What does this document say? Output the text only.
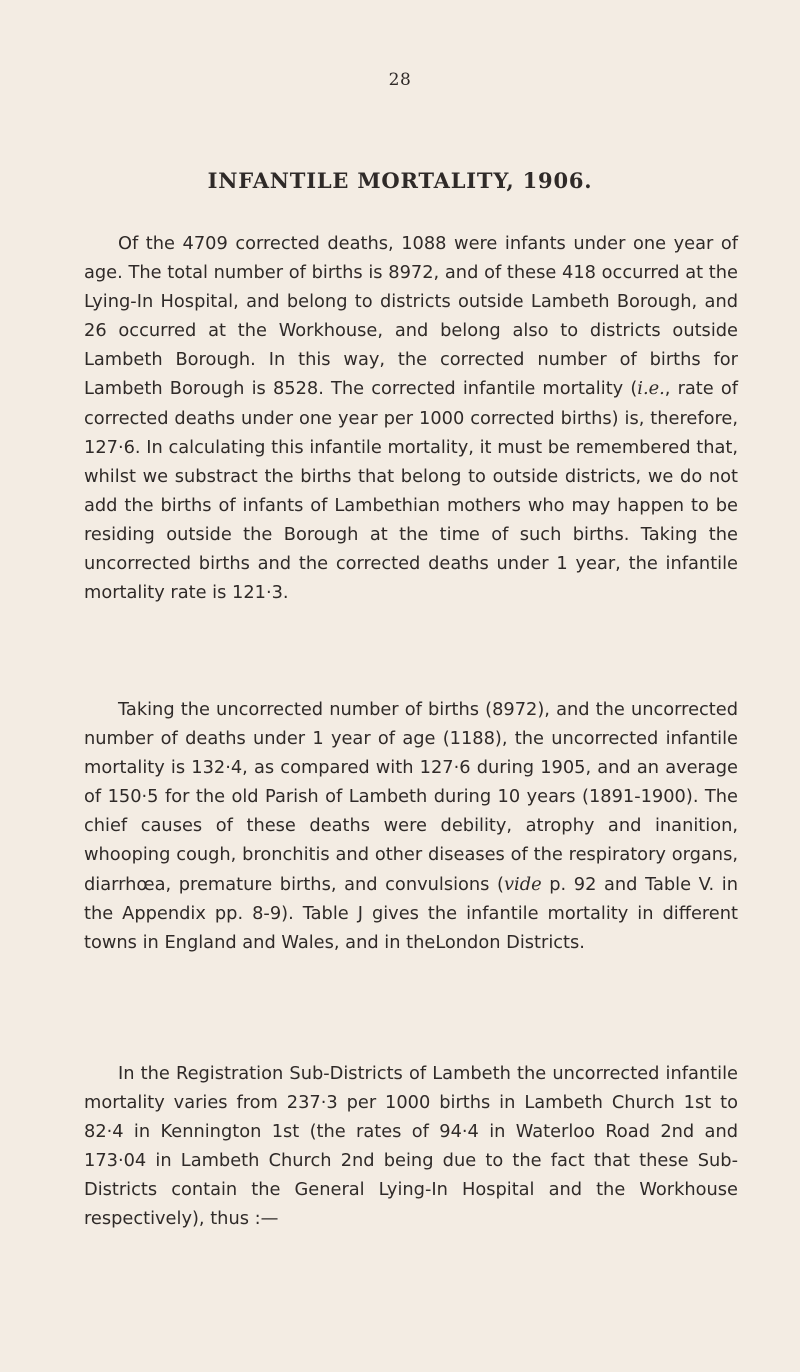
28
INFANTILE MORTALITY, 1906.

Of the 4709 corrected deaths, 1088 were infants under one year of age. The total number of births is 8972, and of these 418 occurred at the Lying-In Hospital, and belong to districts outside Lambeth Borough, and 26 occurred at the Workhouse, and belong also to districts outside Lambeth Borough. In this way, the corrected number of births for Lambeth Borough is 8528. The corrected infantile mortality (i.e., rate of corrected deaths under one year per 1000 corrected births) is, therefore, 127·6. In calculating this infantile mortality, it must be remembered that, whilst we substract the births that belong to outside districts, we do not add the births of infants of Lambethian mothers who may happen to be residing outside the Borough at the time of such births. Taking the uncorrected births and the corrected deaths under 1 year, the infantile mortality rate is 121·3.

Taking the uncorrected number of births (8972), and the uncorrected number of deaths under 1 year of age (1188), the uncorrected infantile mortality is 132·4, as compared with 127·6 during 1905, and an average of 150·5 for the old Parish of Lambeth during 10 years (1891-1900). The chief causes of these deaths were debility, atrophy and inanition, whooping cough, bronchitis and other diseases of the respiratory organs, diarrhœa, premature births, and convulsions (vide p. 92 and Table V. in the Appendix pp. 8-9). Table J gives the infantile mortality in different towns in England and Wales, and in theLondon Districts.

In the Registration Sub-Districts of Lambeth the uncorrected infantile mortality varies from 237·3 per 1000 births in Lambeth Church 1st to 82·4 in Kennington 1st (the rates of 94·4 in Waterloo Road 2nd and 173·04 in Lambeth Church 2nd being due to the fact that these Sub-Districts contain the General Lying-In Hospital and the Workhouse respectively), thus :—
